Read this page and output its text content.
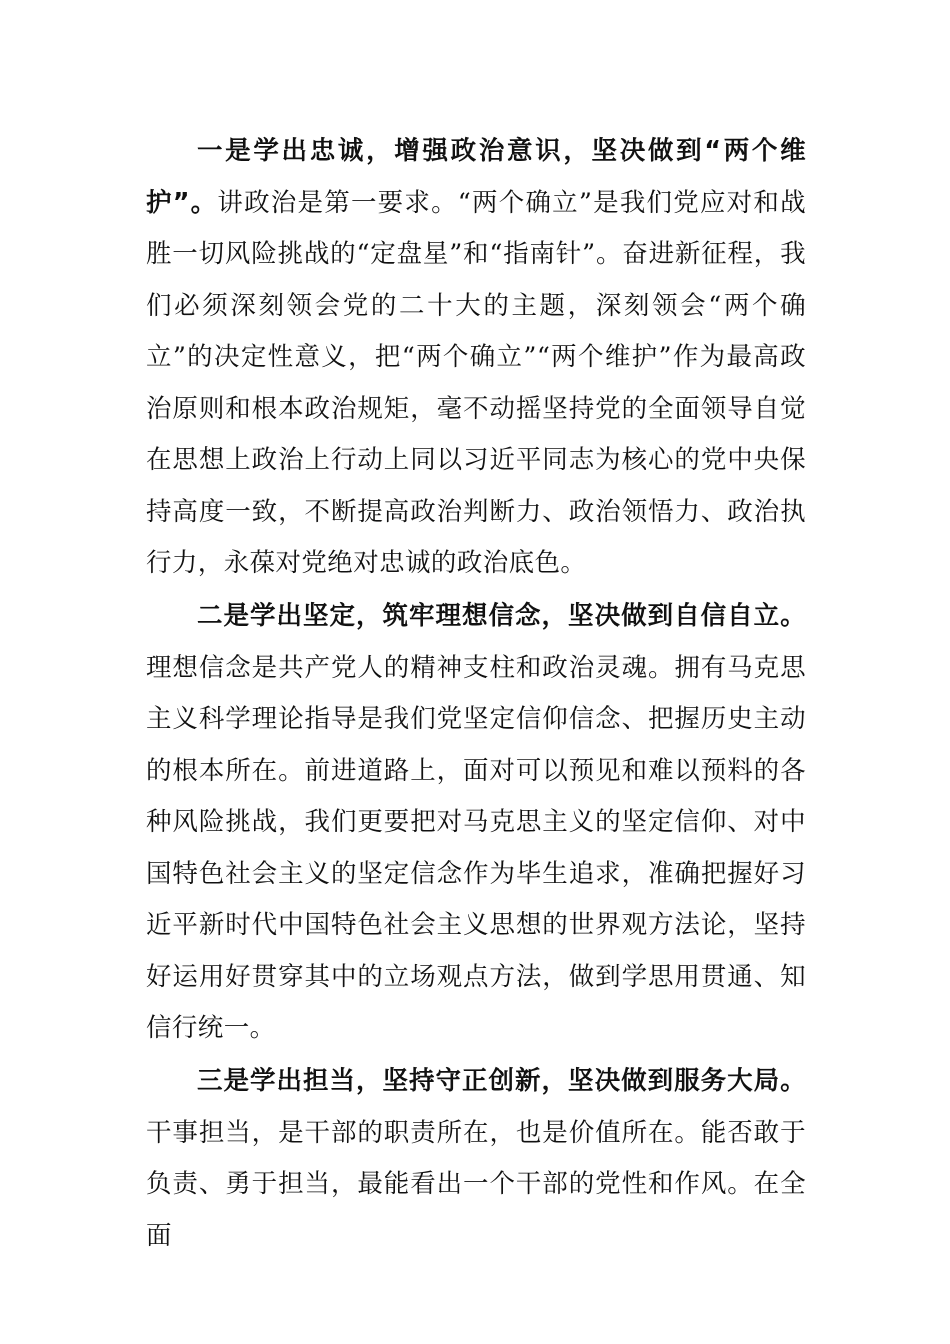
一是学出忠诚，增强政治意识，坚决做到“两个维护”。讲政治是第一要求。“两个确立”是我们党应对和战胜一切风险挑战的“定盘星”和“指南针”。奋进新征程，我们必须深刻领会党的二十大的主题，深刻领会“两个确立”的决定性意义，把“两个确立”“两个维护”作为最高政治原则和根本政治规矩，毫不动摇坚持党的全面领导自觉在思想上政治上行动上同以习近平同志为核心的党中央保持高度一致，不断提高政治判断力、政治领悟力、政治执行力，永葆对党绝对忠诚的政治底色。

二是学出坚定，筑牢理想信念，坚决做到自信自立。理想信念是共产党人的精神支柱和政治灵魂。拥有马克思主义科学理论指导是我们党坚定信仰信念、把握历史主动的根本所在。前进道路上，面对可以预见和难以预料的各种风险挑战，我们更要把对马克思主义的坚定信仰、对中国特色社会主义的坚定信念作为毕生追求，准确把握好习近平新时代中国特色社会主义思想的世界观方法论，坚持好运用好贯穿其中的立场观点方法，做到学思用贯通、知信行统一。

三是学出担当，坚持守正创新，坚决做到服务大局。干事担当，是干部的职责所在，也是价值所在。能否敢于负责、勇于担当，最能看出一个干部的党性和作风。在全面
